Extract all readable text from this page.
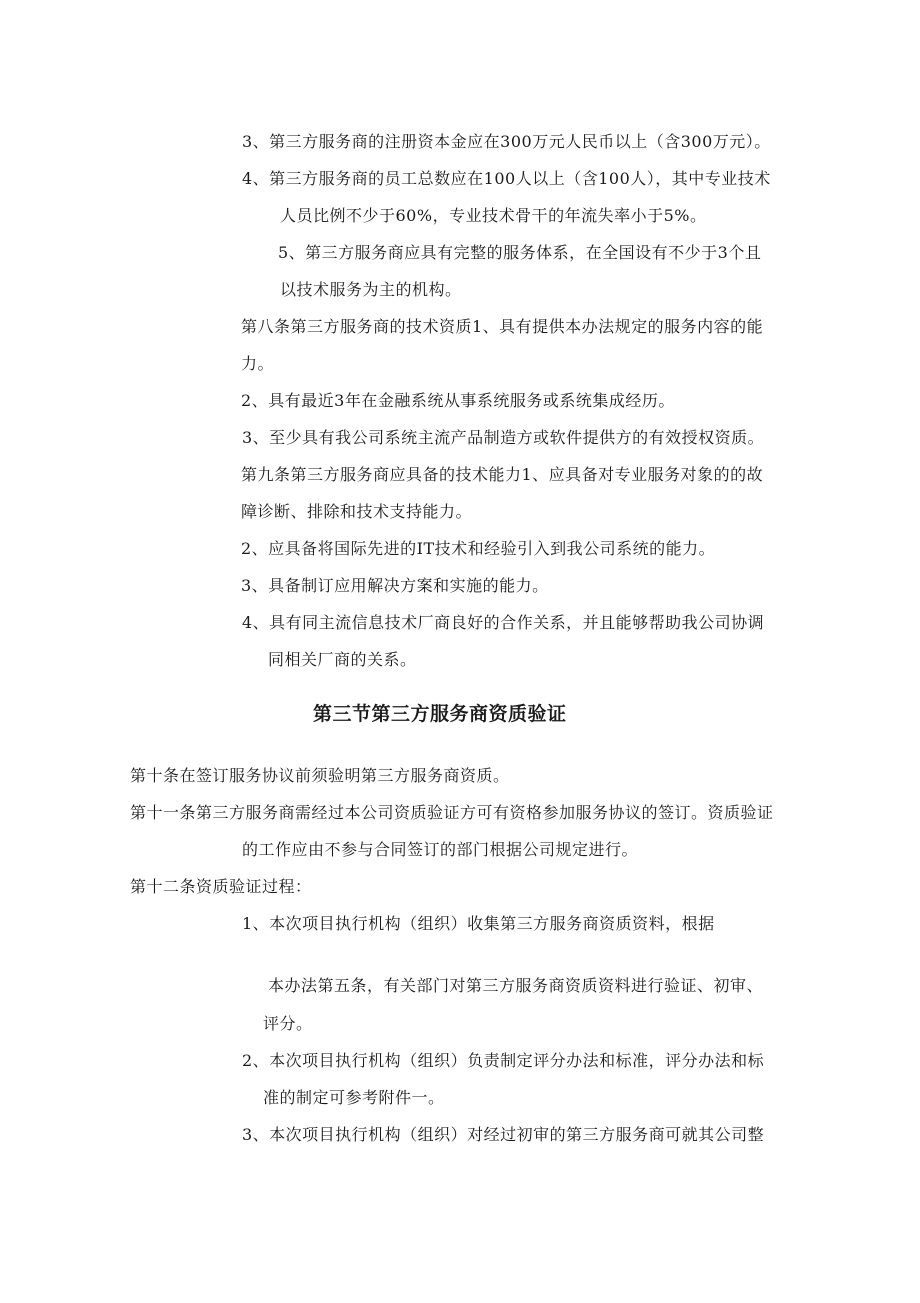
3、第三方服务商的注册资本金应在300万元人民币以上（含300万元）。
4、第三方服务商的员工总数应在100人以上（含100人），其中专业技术
人员比例不少于60%，专业技术骨干的年流失率小于5%。
5、第三方服务商应具有完整的服务体系，在全国设有不少于3个且
以技术服务为主的机构。
第八条第三方服务商的技术资质1、具有提供本办法规定的服务内容的能
力。
2、具有最近3年在金融系统从事系统服务或系统集成经历。
3、至少具有我公司系统主流产品制造方或软件提供方的有效授权资质。
第九条第三方服务商应具备的技术能力1、应具备对专业服务对象的的故
障诊断、排除和技术支持能力。
2、应具备将国际先进的IT技术和经验引入到我公司系统的能力。
3、具备制订应用解决方案和实施的能力。
4、具有同主流信息技术厂商良好的合作关系，并且能够帮助我公司协调
同相关厂商的关系。
第三节第三方服务商资质验证
第十条在签订服务协议前须验明第三方服务商资质。
第十一条第三方服务商需经过本公司资质验证方可有资格参加服务协议的签订。资质验证
的工作应由不参与合同签订的部门根据公司规定进行。
第十二条资质验证过程：
1、本次项目执行机构（组织）收集第三方服务商资质资料，根据
本办法第五条，有关部门对第三方服务商资质资料进行验证、初审、
评分。
2、本次项目执行机构（组织）负责制定评分办法和标准，评分办法和标
准的制定可参考附件一。
3、本次项目执行机构（组织）对经过初审的第三方服务商可就其公司整
